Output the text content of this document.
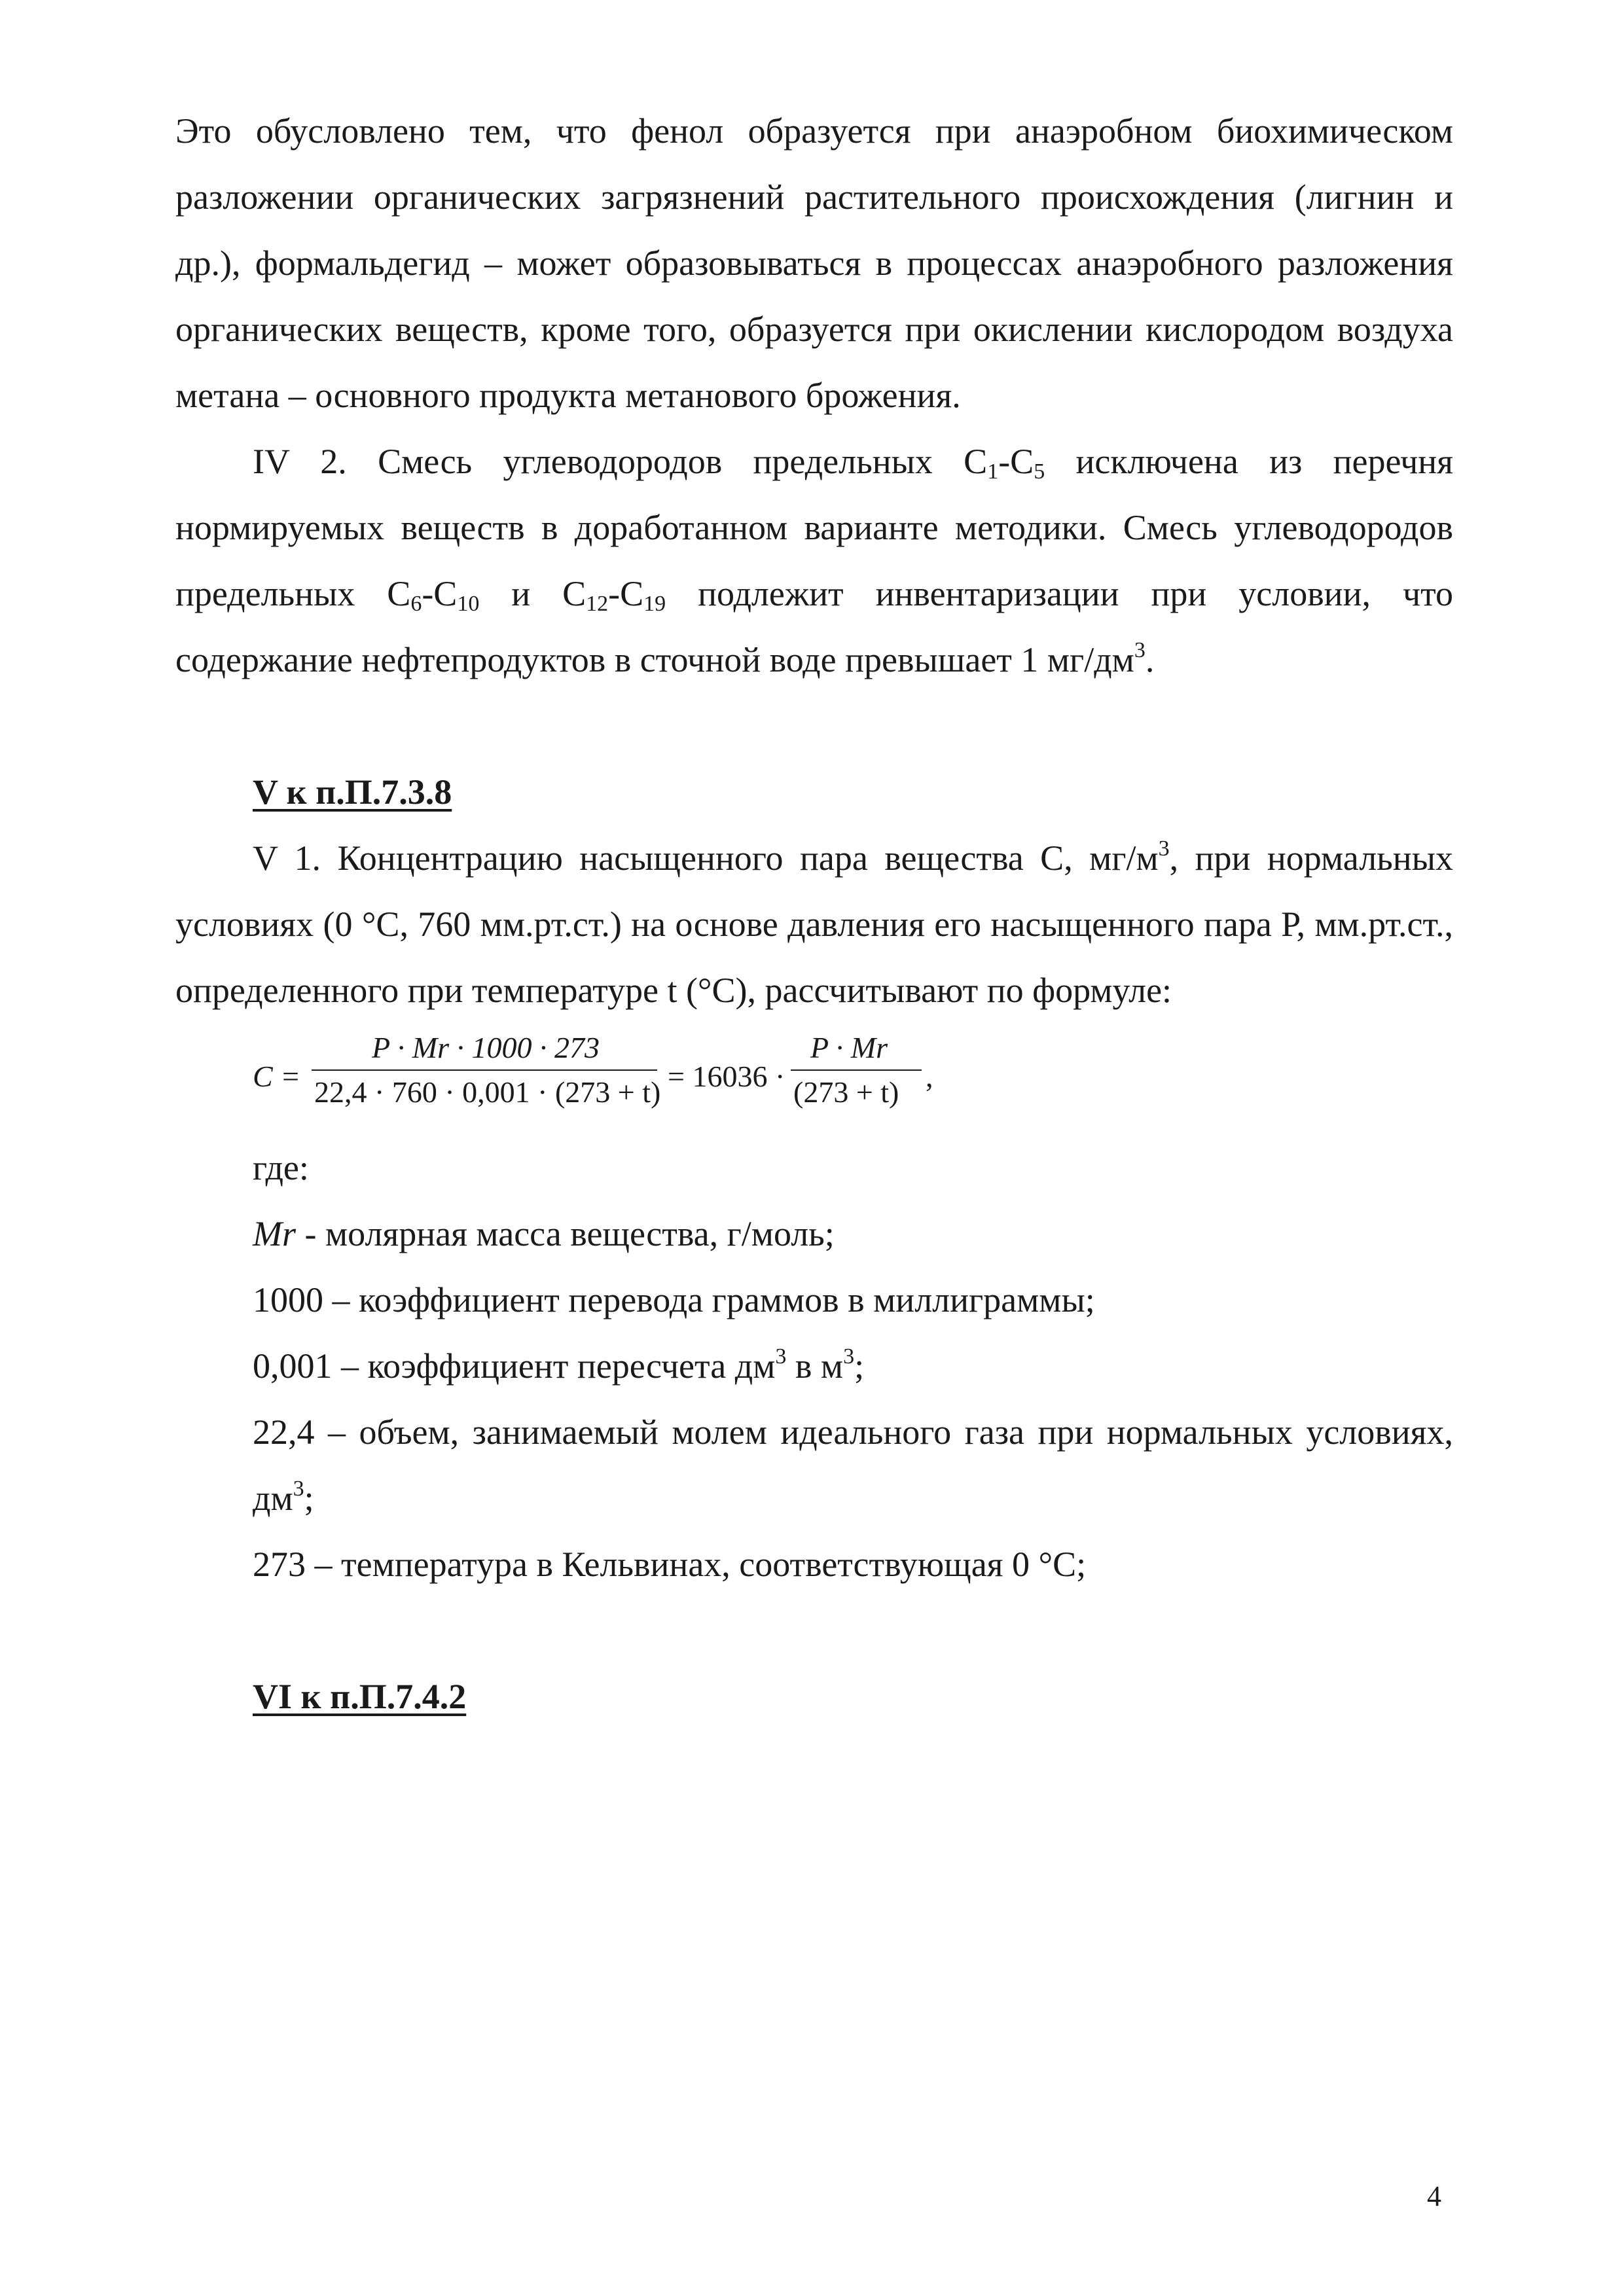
Это обусловлено тем, что фенол образуется при анаэробном биохимическом разложении органических загрязнений растительного происхождения (лигнин и др.), формальдегид – может образовываться в процессах анаэробного разложения органических веществ, кроме того, образуется при окислении кислородом воздуха метана – основного продукта метанового брожения.

IV 2. Смесь углеводородов предельных $С_1-С_5$ исключена из перечня нормируемых веществ в доработанном варианте методики. Смесь углеводородов предельных $С_6-С_{10}$ и $С_{12}-С_{19}$ подлежит инвентаризации при условии, что содержание нефтепродуктов в сточной воде превышает 1 $мг/дм^3$.

V к п.П.7.3.8

V 1. Концентрацию насыщенного пара вещества С, $мг/м^3$, при нормальных условиях (0 °С, 760 мм.рт.ст.) на основе давления его насыщенного пара Р, мм.рт.ст., определенного при температуре t (°С), рассчитывают по формуле:

C =
P · Mr · 1000 · 273
22,4 · 760 · 0,001 · (273 + t) = 16036 ·
P · Mr
(273 + t) ,

где:

Mr - молярная масса вещества, г/моль;

1000 – коэффициент перевода граммов в миллиграммы;

0,001 – коэффициент пересчета $дм^3$ в $м^3$;

22,4 – объем, занимаемый молем идеального газа при нормальных условиях, $дм^3$;

273 – температура в Кельвинах, соответствующая 0 °С;

VI к п.П.7.4.2

4
